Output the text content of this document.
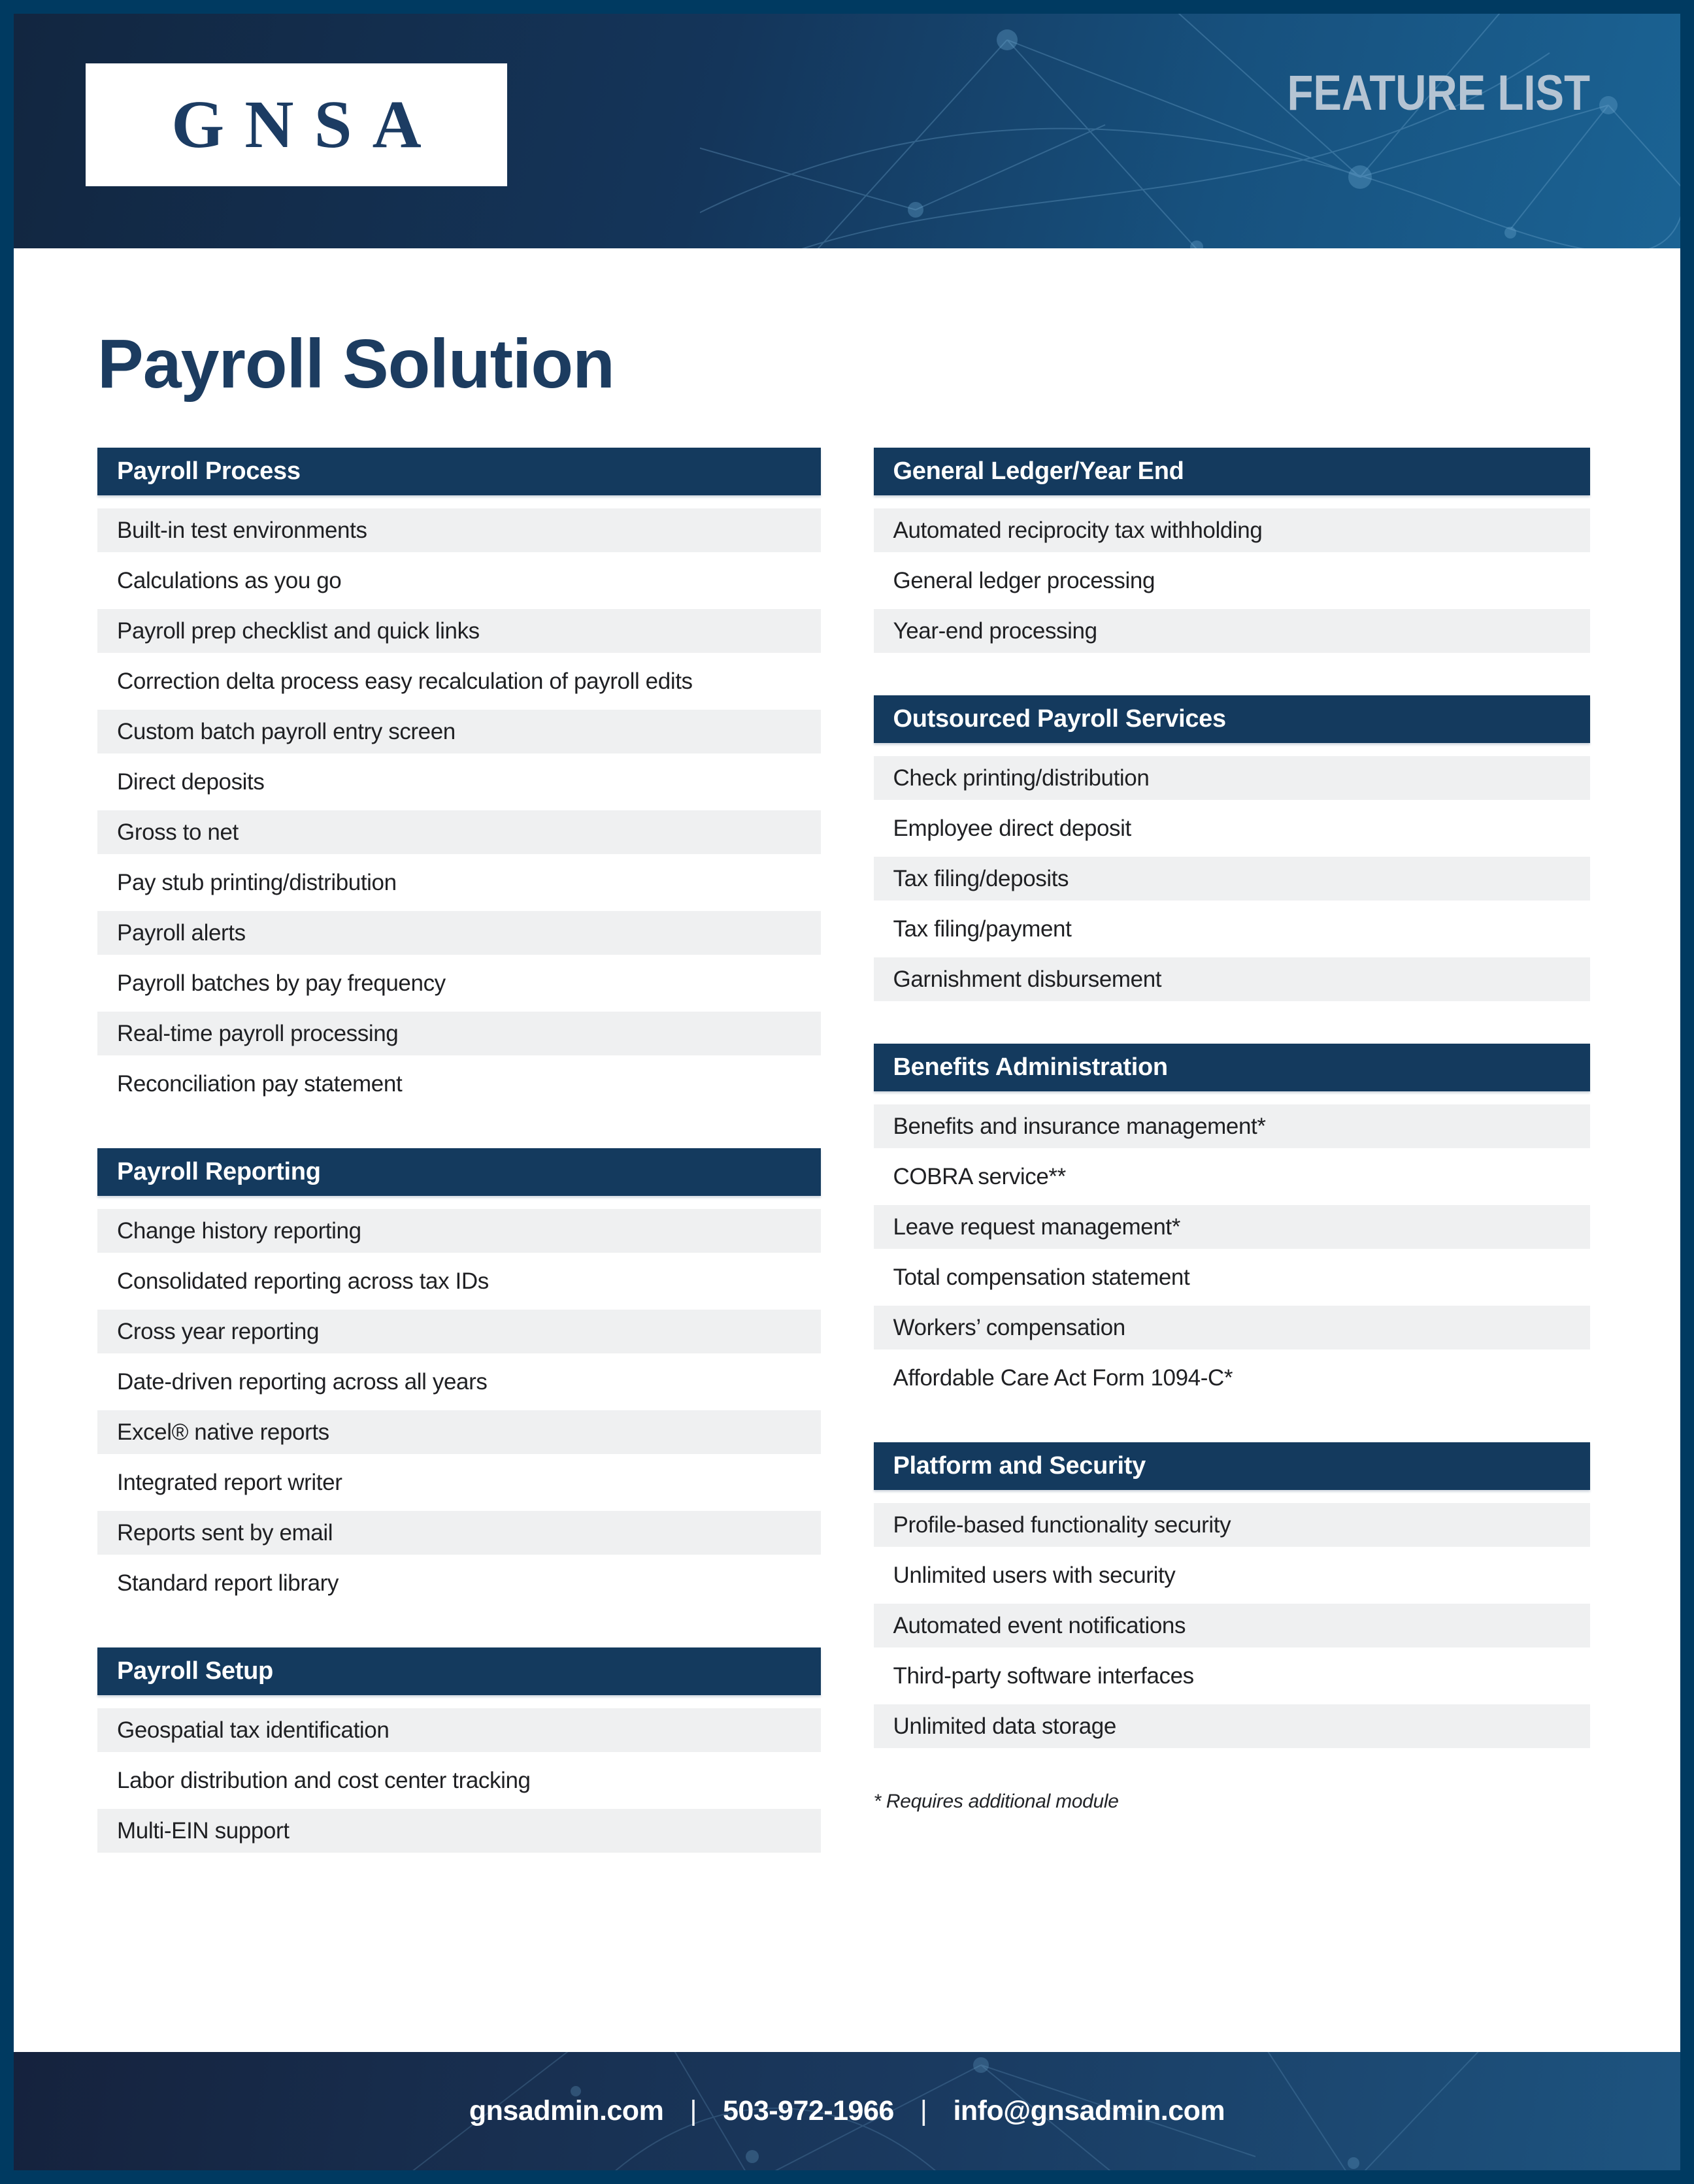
GNSA	FEATURE LIST
Payroll Solution
Payroll Process
Built-in test environments
Calculations as you go
Payroll prep checklist and quick links
Correction delta process easy recalculation of payroll edits
Custom batch payroll entry screen
Direct deposits
Gross to net
Pay stub printing/distribution
Payroll alerts
Payroll batches by pay frequency
Real-time payroll processing
Reconciliation pay statement
Payroll Reporting
Change history reporting
Consolidated reporting across tax IDs
Cross year reporting
Date-driven reporting across all years
Excel® native reports
Integrated report writer
Reports sent by email
Standard report library
Payroll Setup
Geospatial tax identification
Labor distribution and cost center tracking
Multi-EIN support
General Ledger/Year End
Automated reciprocity tax withholding
General ledger processing
Year-end processing
Outsourced Payroll Services
Check printing/distribution
Employee direct deposit
Tax filing/deposits
Tax filing/payment
Garnishment disbursement
Benefits Administration
Benefits and insurance management*
COBRA service**
Leave request management*
Total compensation statement
Workers’ compensation
Affordable Care Act Form 1094-C*
Platform and Security
Profile-based functionality security
Unlimited users with security
Automated event notifications
Third-party software interfaces
Unlimited data storage
* Requires additional module
gnsadmin.com | 503-972-1966 | info@gnsadmin.com
